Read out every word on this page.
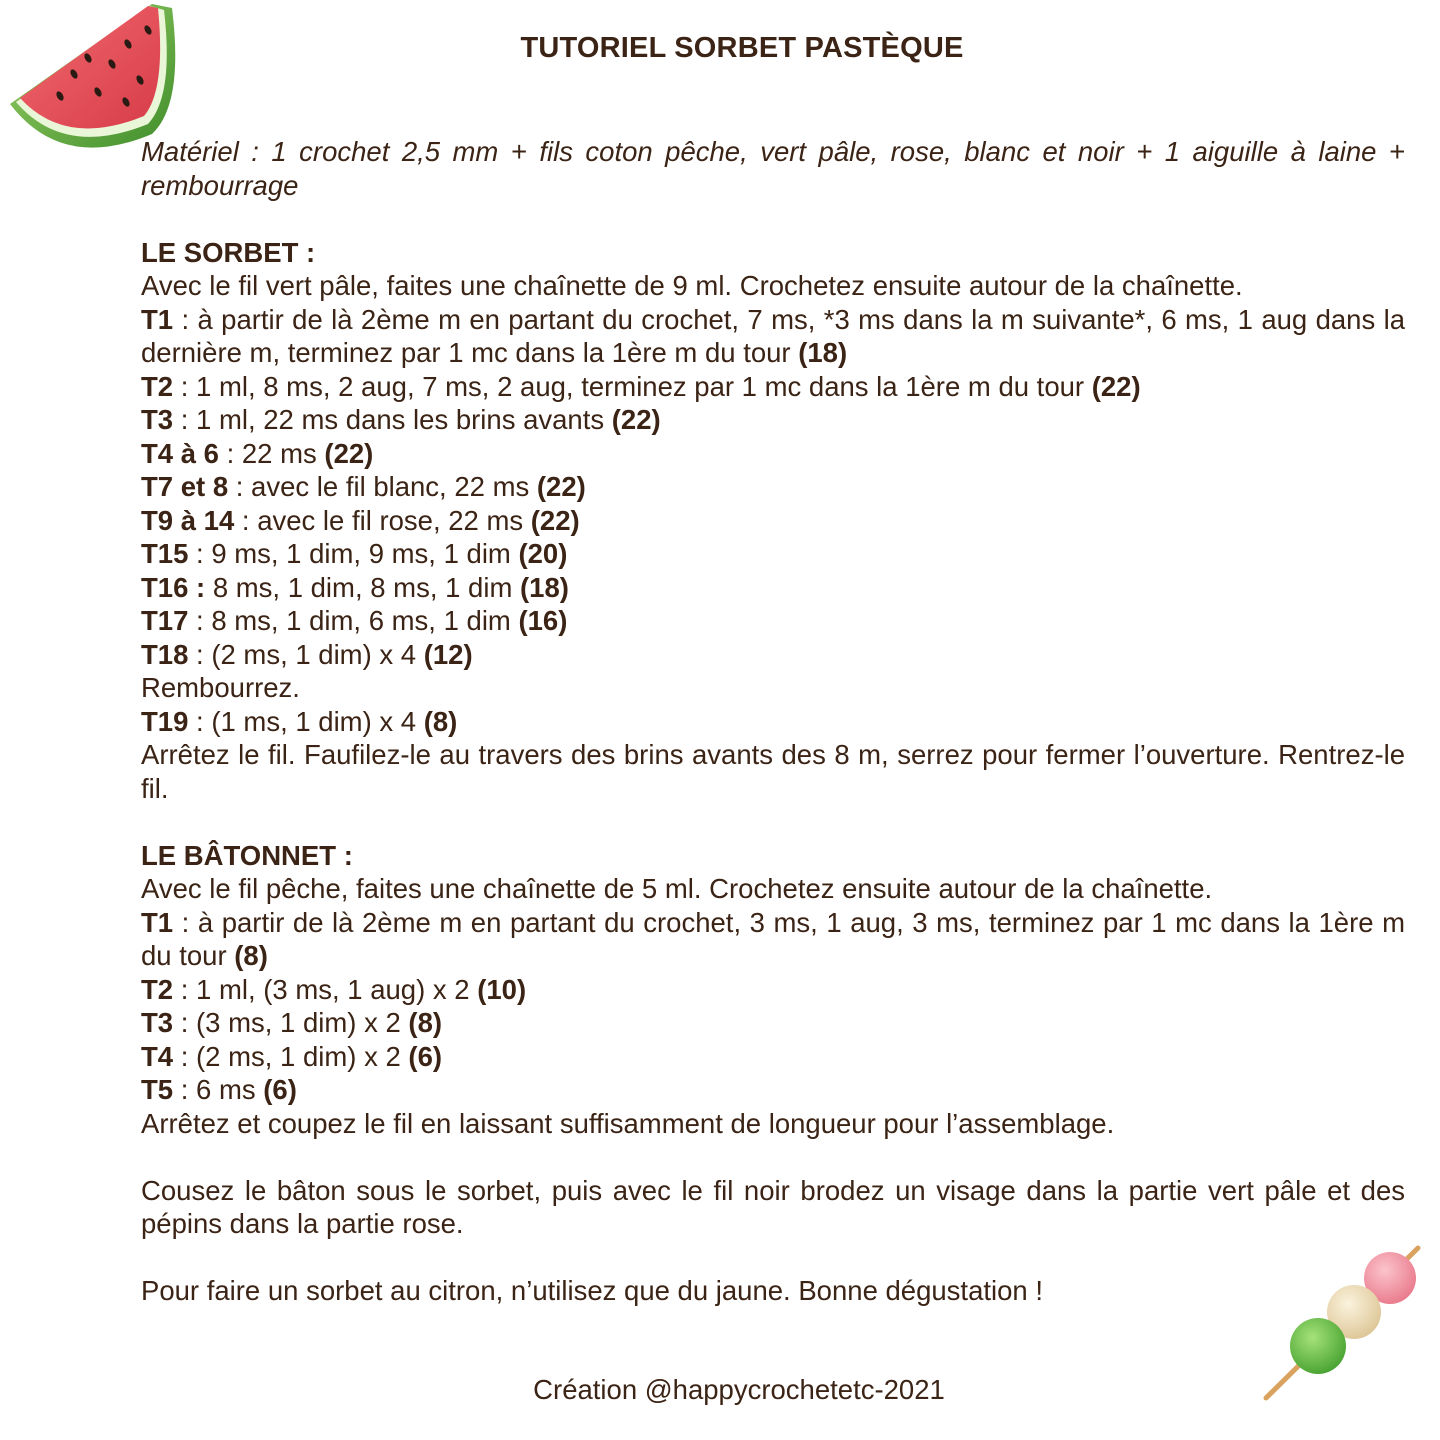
TUTORIEL SORBET PASTÈQUE

Matériel : 1 crochet 2,5 mm + fils coton pêche, vert pâle, rose, blanc et noir + 1 aiguille à laine + rembourrage

LE SORBET :

Avec le fil vert pâle, faites une chaînette de 9 ml. Crochetez ensuite autour de la chaînette.

T1 : à partir de là 2ème m en partant du crochet, 7 ms, *3 ms dans la m suivante*, 6 ms, 1 aug dans la dernière m, terminez par 1 mc dans la 1ère m du tour (18)

T2 : 1 ml, 8 ms, 2 aug, 7 ms, 2 aug, terminez par 1 mc dans la 1ère m du tour (22)

T3 : 1 ml, 22 ms dans les brins avants (22)

T4 à 6 : 22 ms (22)

T7 et 8 : avec le fil blanc, 22 ms (22)

T9 à 14 : avec le fil rose, 22 ms (22)

T15 : 9 ms, 1 dim, 9 ms, 1 dim (20)

T16 : 8 ms, 1 dim, 8 ms, 1 dim (18)

T17 : 8 ms, 1 dim, 6 ms, 1 dim (16)

T18 : (2 ms, 1 dim) x 4 (12)

Rembourrez.

T19 : (1 ms, 1 dim) x 4 (8)

Arrêtez le fil. Faufilez-le au travers des brins avants des 8 m, serrez pour fermer l’ouverture. Rentrez-le fil.

LE BÂTONNET :

Avec le fil pêche, faites une chaînette de 5 ml. Crochetez ensuite autour de la chaînette.

T1 : à partir de là 2ème m en partant du crochet, 3 ms, 1 aug, 3 ms, terminez par 1 mc dans la 1ère m du tour (8)

T2 : 1 ml, (3 ms, 1 aug) x 2 (10)

T3 : (3 ms, 1 dim) x 2 (8)

T4 : (2 ms, 1 dim) x 2 (6)

T5 : 6 ms (6)

Arrêtez et coupez le fil en laissant suffisamment de longueur pour l’assemblage.

Cousez le bâton sous le sorbet, puis avec le fil noir brodez un visage dans la partie vert pâle et des pépins dans la partie rose.

Pour faire un sorbet au citron, n’utilisez que du jaune. Bonne dégustation !

Création @happycrochetetc-2021
